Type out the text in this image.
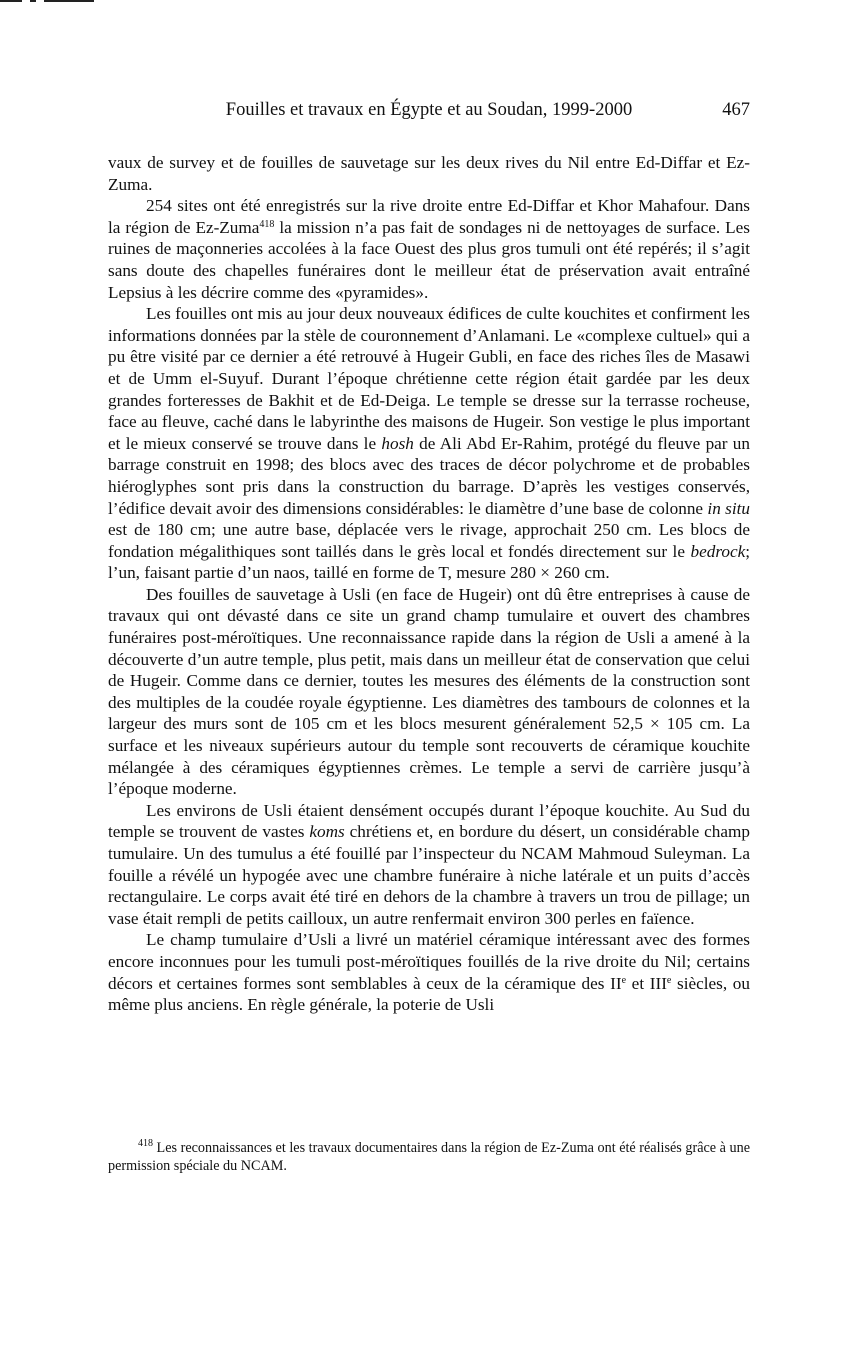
Fouilles et travaux en Égypte et au Soudan, 1999-2000	467

vaux de survey et de fouilles de sauvetage sur les deux rives du Nil entre Ed-Diffar et Ez-Zuma.

254 sites ont été enregistrés sur la rive droite entre Ed-Diffar et Khor Mahafour. Dans la région de Ez-Zuma$^{418}$ la mission n’a pas fait de sondages ni de nettoyages de surface. Les ruines de maçonneries accolées à la face Ouest des plus gros tumuli ont été repérés; il s’agit sans doute des chapelles funéraires dont le meilleur état de préservation avait entraîné Lepsius à les décrire comme des «pyramides».

Les fouilles ont mis au jour deux nouveaux édifices de culte kouchites et confirment les informations données par la stèle de couronnement d’Anlamani. Le «complexe cultuel» qui a pu être visité par ce dernier a été retrouvé à Hugeir Gubli, en face des riches îles de Masawi et de Umm el-Suyuf. Durant l’époque chrétienne cette région était gardée par les deux grandes forteresses de Bakhit et de Ed-Deiga. Le temple se dresse sur la terrasse rocheuse, face au fleuve, caché dans le labyrinthe des maisons de Hugeir. Son vestige le plus important et le mieux conservé se trouve dans le hosh de Ali Abd Er-Rahim, protégé du fleuve par un barrage construit en 1998; des blocs avec des traces de décor polychrome et de probables hiéroglyphes sont pris dans la construction du barrage. D’après les vestiges conservés, l’édifice devait avoir des dimensions considérables: le diamètre d’une base de colonne in situ est de 180 cm; une autre base, déplacée vers le rivage, approchait 250 cm. Les blocs de fondation mégalithiques sont taillés dans le grès local et fondés directement sur le bedrock; l’un, faisant partie d’un naos, taillé en forme de T, mesure 280 × 260 cm.

Des fouilles de sauvetage à Usli (en face de Hugeir) ont dû être entreprises à cause de travaux qui ont dévasté dans ce site un grand champ tumulaire et ouvert des chambres funéraires post-méroïtiques. Une reconnaissance rapide dans la région de Usli a amené à la découverte d’un autre temple, plus petit, mais dans un meilleur état de conservation que celui de Hugeir. Comme dans ce dernier, toutes les mesures des éléments de la construction sont des multiples de la coudée royale égyptienne. Les diamètres des tambours de colonnes et la largeur des murs sont de 105 cm et les blocs mesurent généralement 52,5 × 105 cm. La surface et les niveaux supérieurs autour du temple sont recouverts de céramique kouchite mélangée à des céramiques égyptiennes crèmes. Le temple a servi de carrière jusqu’à l’époque moderne.

Les environs de Usli étaient densément occupés durant l’époque kouchite. Au Sud du temple se trouvent de vastes koms chrétiens et, en bordure du désert, un considérable champ tumulaire. Un des tumulus a été fouillé par l’inspecteur du NCAM Mahmoud Suleyman. La fouille a révélé un hypogée avec une chambre funéraire à niche latérale et un puits d’accès rectangulaire. Le corps avait été tiré en dehors de la chambre à travers un trou de pillage; un vase était rempli de petits cailloux, un autre renfermait environ 300 perles en faïence.

Le champ tumulaire d’Usli a livré un matériel céramique intéressant avec des formes encore inconnues pour les tumuli post-méroïtiques fouillés de la rive droite du Nil; certains décors et certaines formes sont semblables à ceux de la céramique des IIe et IIIe siècles, ou même plus anciens. En règle générale, la poterie de Usli

$^{418}$ Les reconnaissances et les travaux documentaires dans la région de Ez-Zuma ont été réalisés grâce à une permission spéciale du NCAM.
